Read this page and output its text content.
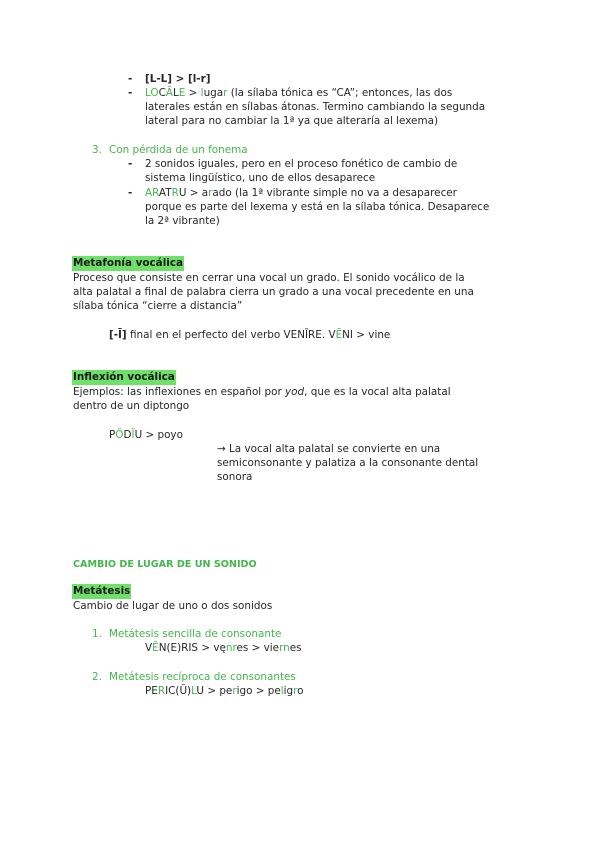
- [L-L] > [l-r]
- LOCĂLE > lugar (la sílaba tónica es “CA”; entonces, las dos
laterales están en sílabas átonas. Termino cambiando la segunda
lateral para no cambiar la 1ª ya que alteraría al lexema)
3. Con pérdida de un fonema
- 2 sonidos iguales, pero en el proceso fonético de cambio de
sistema lingüístico, uno de ellos desaparece
- ARATRU > arado (la 1ª vibrante simple no va a desaparecer
porque es parte del lexema y está en la sílaba tónica. Desaparece
la 2ª vibrante)
Metafonía vocálica
Proceso que consiste en cerrar una vocal un grado. El sonido vocálico de la
alta palatal a final de palabra cierra un grado a una vocal precedente en una
sílaba tónica “cierre a distancia”
[-Ī] final en el perfecto del verbo VENĪRE. VĒNI > vine
Inflexión vocálica
Ejemplos: las inflexiones en español por yod, que es la vocal alta palatal
dentro de un diptongo
PŎDĬU > poyo
→ La vocal alta palatal se convierte en una
semiconsonante y palatiza a la consonante dental
sonora
CAMBIO DE LUGAR DE UN SONIDO
Metátesis
Cambio de lugar de uno o dos sonidos
1. Metátesis sencilla de consonante
VĔN(E)RIS > vęnres > viernes
2. Metátesis recíproca de consonantes
PERIC(Ŭ)LU > perigo > peligro
